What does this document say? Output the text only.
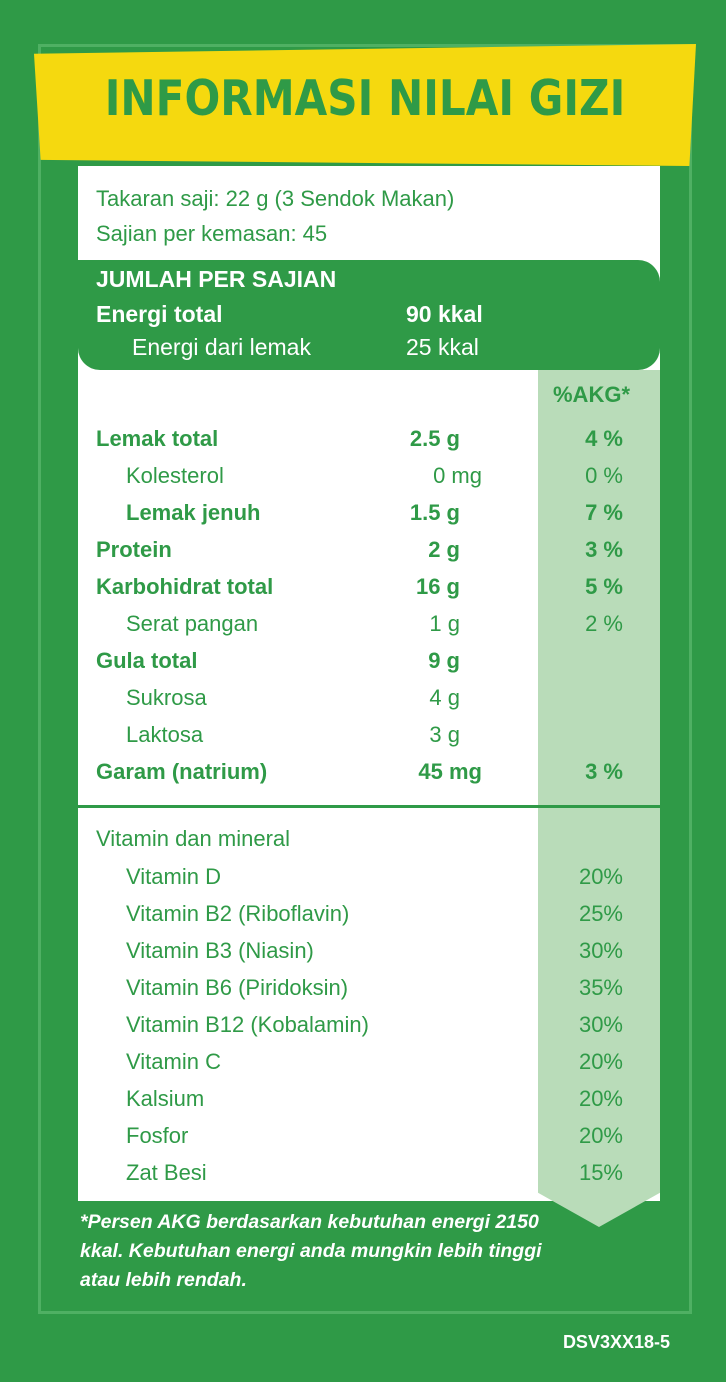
INFORMASI NILAI GIZI
Takaran saji: 22 g (3 Sendok Makan)
Sajian per kemasan: 45
JUMLAH PER SAJIAN
Energi total	90 kkal
Energi dari lemak	25 kkal
%AKG*
Lemak total	2.5 g	4 %
Kolesterol	0 mg	0 %
Lemak jenuh	1.5 g	7 %
Protein	2 g	3 %
Karbohidrat total	16 g	5 %
Serat pangan	1 g	2 %
Gula total	9 g
Sukrosa	4 g
Laktosa	3 g
Garam (natrium)	45 mg	3 %
Vitamin dan mineral
Vitamin D	20%
Vitamin B2 (Riboflavin)	25%
Vitamin B3 (Niasin)	30%
Vitamin B6 (Piridoksin)	35%
Vitamin B12 (Kobalamin)	30%
Vitamin C	20%
Kalsium	20%
Fosfor	20%
Zat Besi	15%
*Persen AKG berdasarkan kebutuhan energi 2150 kkal. Kebutuhan energi anda mungkin lebih tinggi atau lebih rendah.
DSV3XX18-5
